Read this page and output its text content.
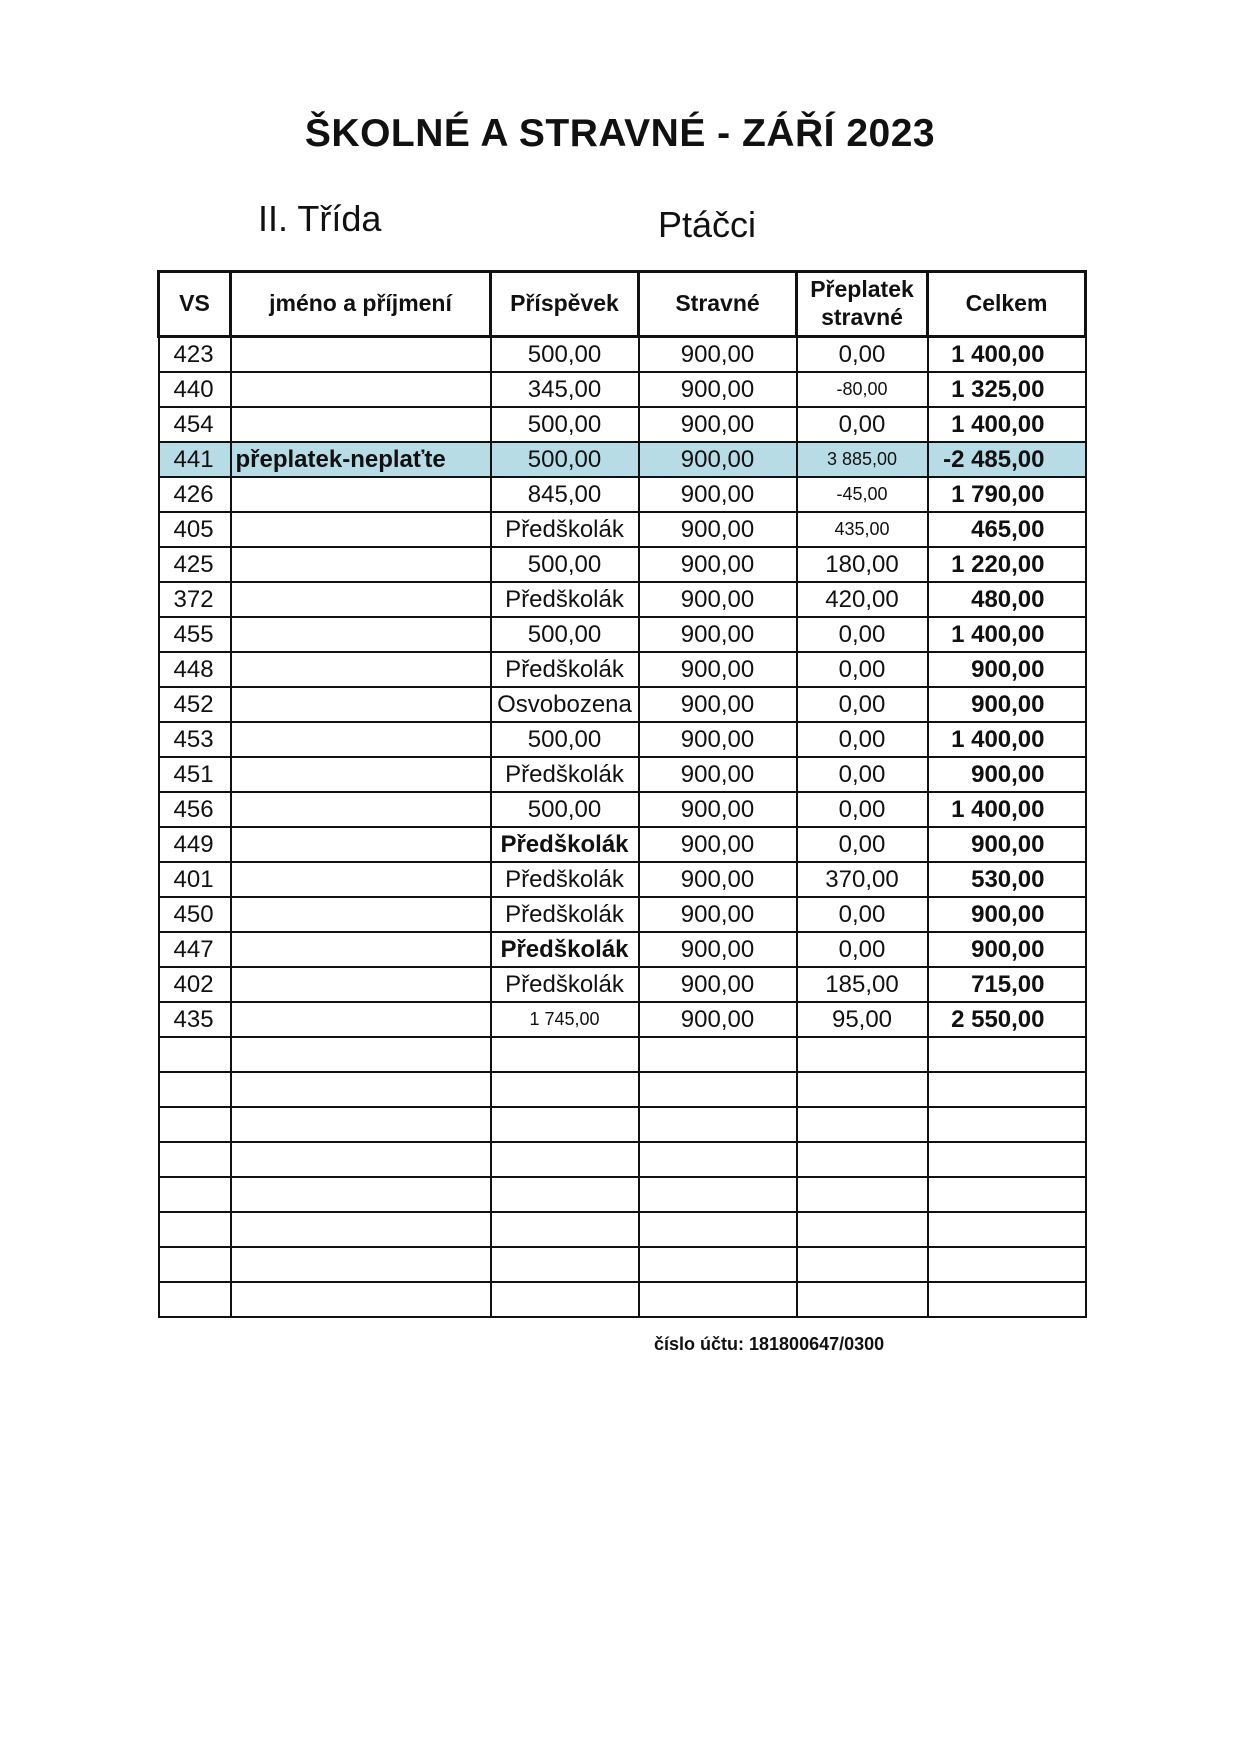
ŠKOLNÉ A STRAVNÉ - ZÁŘÍ 2023
II. Třída	Ptáčci
VS	jméno a příjmení	Příspěvek	Stravné	Přeplatek stravné	Celkem
423		500,00	900,00	0,00	1 400,00
440		345,00	900,00	-80,00	1 325,00
454		500,00	900,00	0,00	1 400,00
441	přeplatek-neplaťte	500,00	900,00	3 885,00	-2 485,00
426		845,00	900,00	-45,00	1 790,00
405		Předškolák	900,00	435,00	465,00
425		500,00	900,00	180,00	1 220,00
372		Předškolák	900,00	420,00	480,00
455		500,00	900,00	0,00	1 400,00
448		Předškolák	900,00	0,00	900,00
452		Osvobozena	900,00	0,00	900,00
453		500,00	900,00	0,00	1 400,00
451		Předškolák	900,00	0,00	900,00
456		500,00	900,00	0,00	1 400,00
449		Předškolák	900,00	0,00	900,00
401		Předškolák	900,00	370,00	530,00
450		Předškolák	900,00	0,00	900,00
447		Předškolák	900,00	0,00	900,00
402		Předškolák	900,00	185,00	715,00
435		1 745,00	900,00	95,00	2 550,00

číslo účtu: 181800647/0300
